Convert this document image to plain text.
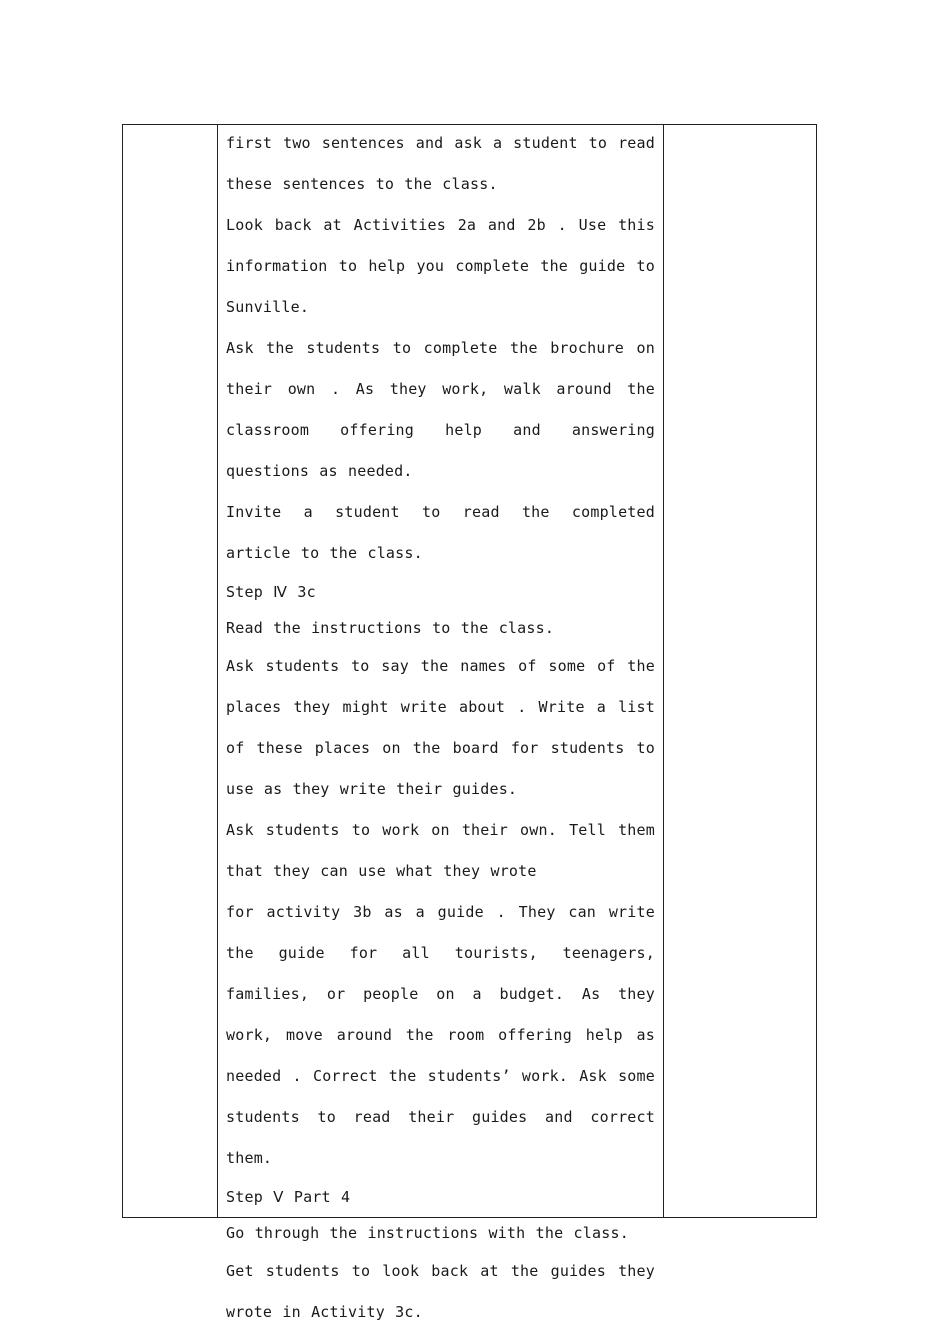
first two sentences and ask a student to read these sentences to the class.

Look back at Activities 2a and 2b . Use this information to help you complete the guide to Sunville.

Ask the students to complete the brochure on their own . As they work, walk around the classroom offering help and answering questions as needed.

Invite a student to read the completed article to the class.

Step Ⅳ 3c

Read the instructions to the class.

Ask students to say the names of some of the places they might write about . Write a list of these places on the board for students to use as they write their guides.

Ask students to work on their own. Tell them that they can use what they wrote

for activity 3b as a guide . They can write the guide for all tourists, teenagers, families, or people on a budget. As they work, move around the room offering help as needed . Correct the students’ work. Ask some students to read their guides and correct them.

Step Ⅴ Part 4

Go through the instructions with the class.

Get students to look back at the guides they wrote in Activity 3c.
